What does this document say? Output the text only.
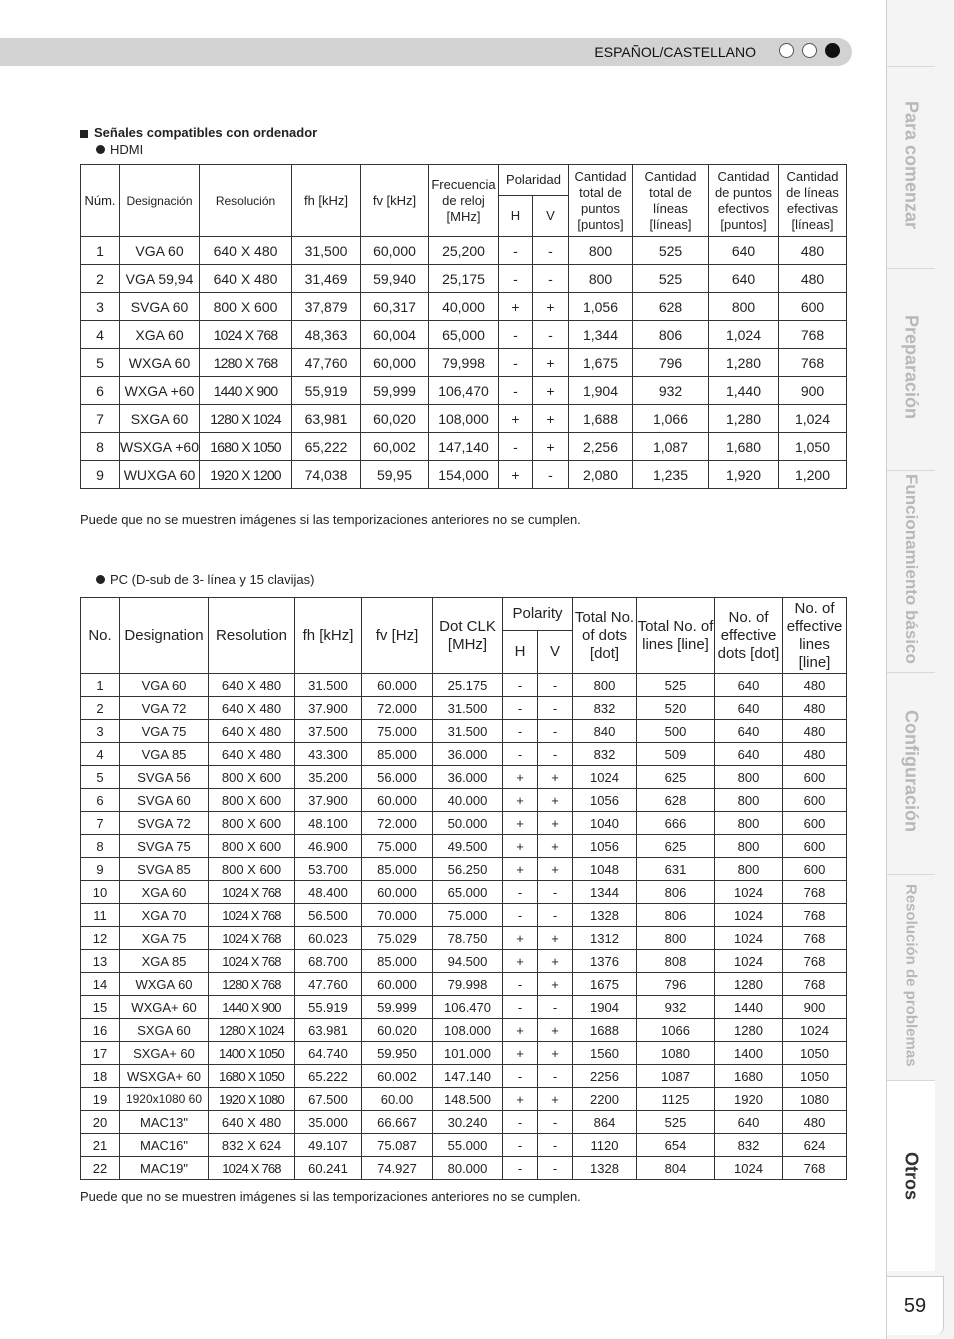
ESPAÑOL/CASTELLANO
Para comenzar
Preparación
Funcionamiento básico
Configuración
Resolución de problemas
Otros
59
Señales compatibles con ordenador
HDMI
Núm.	Designación	Resolución	fh [kHz]	fv [kHz]	Frecuencia de reloj [MHz]	Polaridad		Cantidad total de puntos [puntos]	Cantidad total de líneas [líneas]	Cantidad de puntos efectivos [puntos]	Cantidad de líneas efectivas [líneas]
						H	V				
1	VGA 60	640 X 480	31,500	60,000	25,200	-	-	800	525	640	480
2	VGA 59,94	640 X 480	31,469	59,940	25,175	-	-	800	525	640	480
3	SVGA 60	800 X 600	37,879	60,317	40,000	+	+	1,056	628	800	600
4	XGA 60	1024 X 768	48,363	60,004	65,000	-	-	1,344	806	1,024	768
5	WXGA 60	1280 X 768	47,760	60,000	79,998	-	+	1,675	796	1,280	768
6	WXGA +60	1440 X 900	55,919	59,999	106,470	-	+	1,904	932	1,440	900
7	SXGA 60	1280 X 1024	63,981	60,020	108,000	+	+	1,688	1,066	1,280	1,024
8	WSXGA +60	1680 X 1050	65,222	60,002	147,140	-	+	2,256	1,087	1,680	1,050
9	WUXGA 60	1920 X 1200	74,038	59,95	154,000	+	-	2,080	1,235	1,920	1,200
Puede que no se muestren imágenes si las temporizaciones anteriores no se cumplen.
PC (D-sub de 3- línea y 15 clavijas)
No.	Designation	Resolution	fh [kHz]	fv [Hz]	Dot CLK [MHz]	Polarity		Total No. of dots [dot]	Total No. of lines [line]	No. of effective dots [dot]	No. of effective lines [line]
						H	V				
1	VGA 60	640 X 480	31.500	60.000	25.175	-	-	800	525	640	480
2	VGA 72	640 X 480	37.900	72.000	31.500	-	-	832	520	640	480
3	VGA 75	640 X 480	37.500	75.000	31.500	-	-	840	500	640	480
4	VGA 85	640 X 480	43.300	85.000	36.000	-	-	832	509	640	480
5	SVGA 56	800 X 600	35.200	56.000	36.000	+	+	1024	625	800	600
6	SVGA 60	800 X 600	37.900	60.000	40.000	+	+	1056	628	800	600
7	SVGA 72	800 X 600	48.100	72.000	50.000	+	+	1040	666	800	600
8	SVGA 75	800 X 600	46.900	75.000	49.500	+	+	1056	625	800	600
9	SVGA 85	800 X 600	53.700	85.000	56.250	+	+	1048	631	800	600
10	XGA 60	1024 X 768	48.400	60.000	65.000	-	-	1344	806	1024	768
11	XGA 70	1024 X 768	56.500	70.000	75.000	-	-	1328	806	1024	768
12	XGA 75	1024 X 768	60.023	75.029	78.750	+	+	1312	800	1024	768
13	XGA 85	1024 X 768	68.700	85.000	94.500	+	+	1376	808	1024	768
14	WXGA 60	1280 X 768	47.760	60.000	79.998	-	+	1675	796	1280	768
15	WXGA+ 60	1440 X 900	55.919	59.999	106.470	-	-	1904	932	1440	900
16	SXGA 60	1280 X 1024	63.981	60.020	108.000	+	+	1688	1066	1280	1024
17	SXGA+ 60	1400 X 1050	64.740	59.950	101.000	+	+	1560	1080	1400	1050
18	WSXGA+ 60	1680 X 1050	65.222	60.002	147.140	-	-	2256	1087	1680	1050
19	1920x1080 60	1920 X 1080	67.500	60.00	148.500	+	+	2200	1125	1920	1080
20	MAC13"	640 X 480	35.000	66.667	30.240	-	-	864	525	640	480
21	MAC16"	832 X 624	49.107	75.087	55.000	-	-	1120	654	832	624
22	MAC19"	1024 X 768	60.241	74.927	80.000	-	-	1328	804	1024	768
Puede que no se muestren imágenes si las temporizaciones anteriores no se cumplen.
